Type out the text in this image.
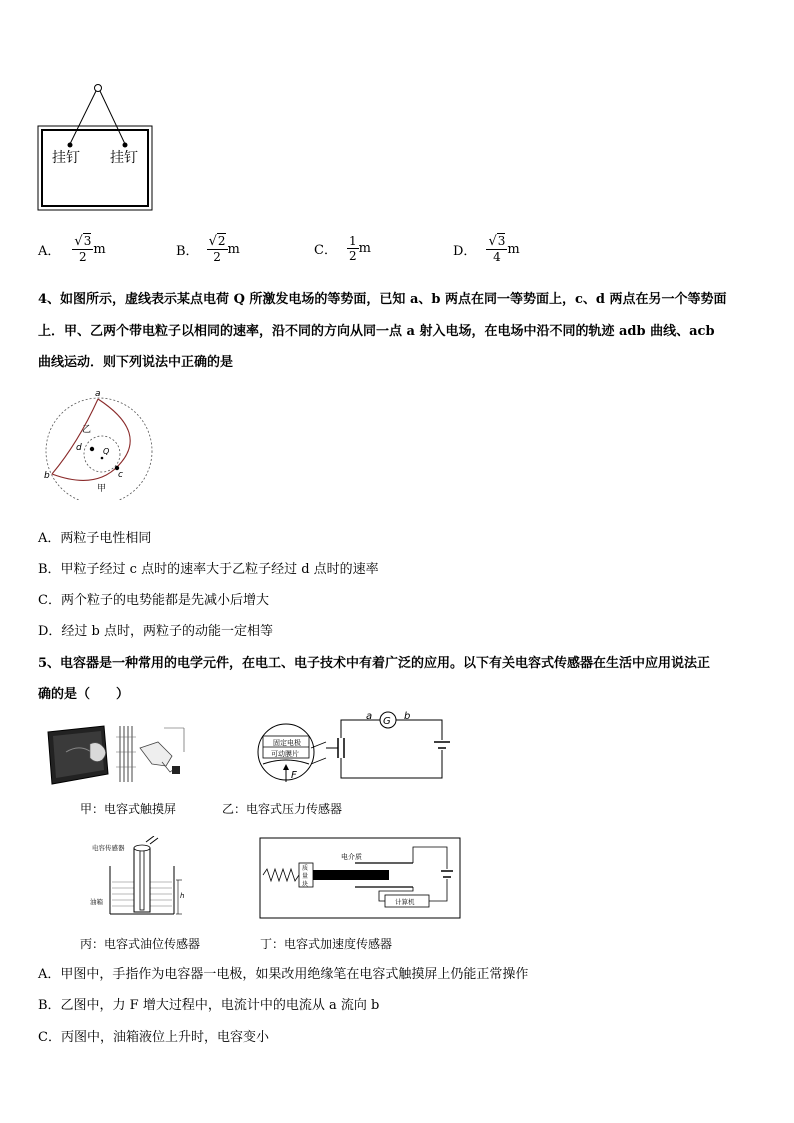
挂钉 挂钉
A． $\frac{√3}{2}$ m	B． $\frac{√2}{2}$ m	C． $\frac{1}{2}$ m	D． $\frac{√3}{4}$ m
4、如图所示，虚线表示某点电荷 Q 所激发电场的等势面，已知 a、b 两点在同一等势面上，c、d 两点在另一个等势面
上．甲、乙两个带电粒子以相同的速率，沿不同的方向从同一点 a 射入电场，在电场中沿不同的轨迹 adb 曲线、acb
曲线运动．则下列说法中正确的是
a
b	c
d	Q
乙
甲
A．两粒子电性相同
B．甲粒子经过 c 点时的速率大于乙粒子经过 d 点时的速率
C．两个粒子的电势能都是先减小后增大
D．经过 b 点时，两粒子的动能一定相等
5、电容器是一种常用的电学元件，在电工、电子技术中有着广泛的应用。以下有关电容式传感器在生活中应用说法正
确的是（　　）
固定电极
可动膜片
F
a	b
G
甲：电容式触摸屏	乙：电容式压力传感器
h
电容传感器
油箱
质
量
块
电介质
计算机
丙：电容式油位传感器	丁：电容式加速度传感器
A．甲图中，手指作为电容器一电极，如果改用绝缘笔在电容式触摸屏上仍能正常操作
B．乙图中，力 F 增大过程中，电流计中的电流从 a 流向 b
C．丙图中，油箱液位上升时，电容变小
